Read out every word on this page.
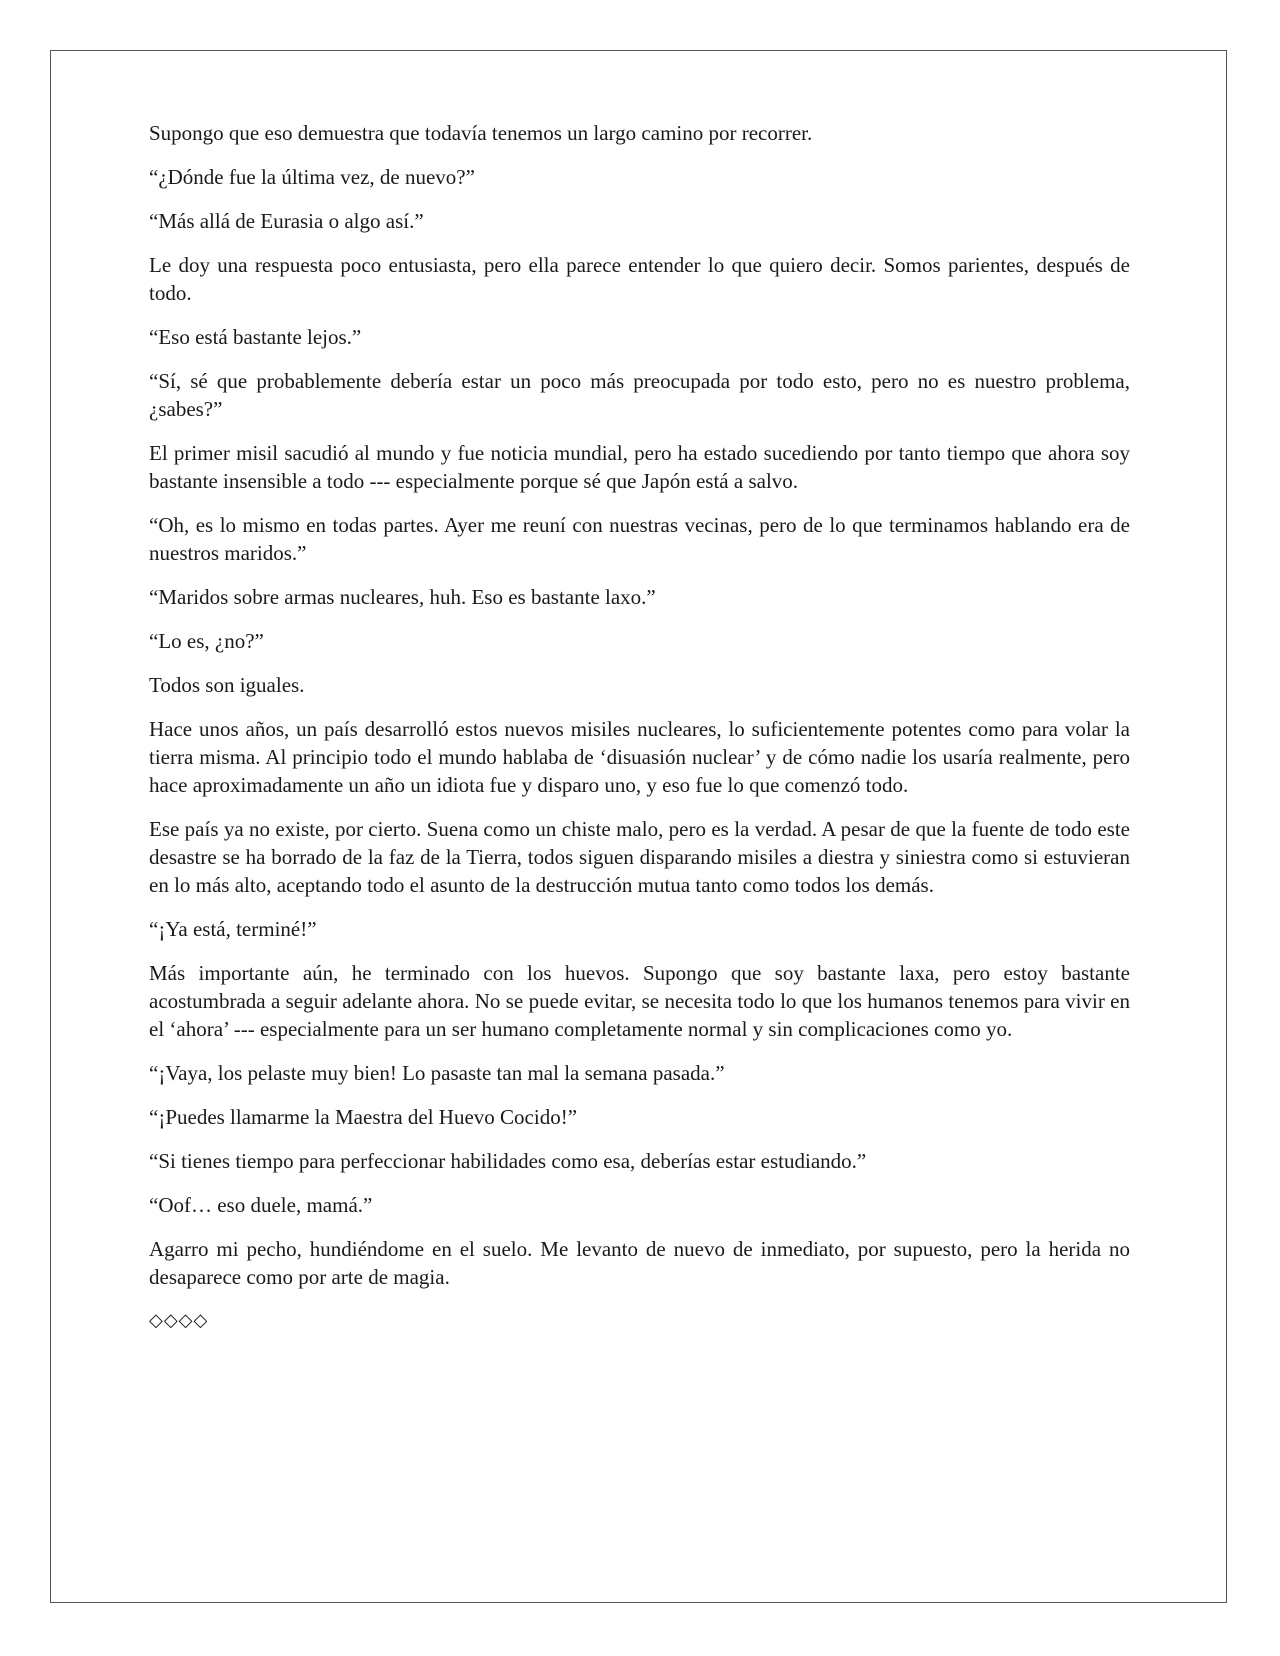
Supongo que eso demuestra que todavía tenemos un largo camino por recorrer.

“¿Dónde fue la última vez, de nuevo?”

“Más allá de Eurasia o algo así.”

Le doy una respuesta poco entusiasta, pero ella parece entender lo que quiero decir. Somos parientes, después de todo.

“Eso está bastante lejos.”

“Sí, sé que probablemente debería estar un poco más preocupada por todo esto, pero no es nuestro problema, ¿sabes?”

El primer misil sacudió al mundo y fue noticia mundial, pero ha estado sucediendo por tanto tiempo que ahora soy bastante insensible a todo --- especialmente porque sé que Japón está a salvo.

“Oh, es lo mismo en todas partes. Ayer me reuní con nuestras vecinas, pero de lo que terminamos hablando era de nuestros maridos.”

“Maridos sobre armas nucleares, huh. Eso es bastante laxo.”

“Lo es, ¿no?”

Todos son iguales.

Hace unos años, un país desarrolló estos nuevos misiles nucleares, lo suficientemente potentes como para volar la tierra misma. Al principio todo el mundo hablaba de ‘disuasión nuclear’ y de cómo nadie los usaría realmente, pero hace aproximadamente un año un idiota fue y disparo uno, y eso fue lo que comenzó todo.

Ese país ya no existe, por cierto. Suena como un chiste malo, pero es la verdad. A pesar de que la fuente de todo este desastre se ha borrado de la faz de la Tierra, todos siguen disparando misiles a diestra y siniestra como si estuvieran en lo más alto, aceptando todo el asunto de la destrucción mutua tanto como todos los demás.

“¡Ya está, terminé!”

Más importante aún, he terminado con los huevos. Supongo que soy bastante laxa, pero estoy bastante acostumbrada a seguir adelante ahora. No se puede evitar, se necesita todo lo que los humanos tenemos para vivir en el ‘ahora’ --- especialmente para un ser humano completamente normal y sin complicaciones como yo.

“¡Vaya, los pelaste muy bien! Lo pasaste tan mal la semana pasada.”

“¡Puedes llamarme la Maestra del Huevo Cocido!”

“Si tienes tiempo para perfeccionar habilidades como esa, deberías estar estudiando.”

“Oof… eso duele, mamá.”

Agarro mi pecho, hundiéndome en el suelo. Me levanto de nuevo de inmediato, por supuesto, pero la herida no desaparece como por arte de magia.

◇◇◇◇
